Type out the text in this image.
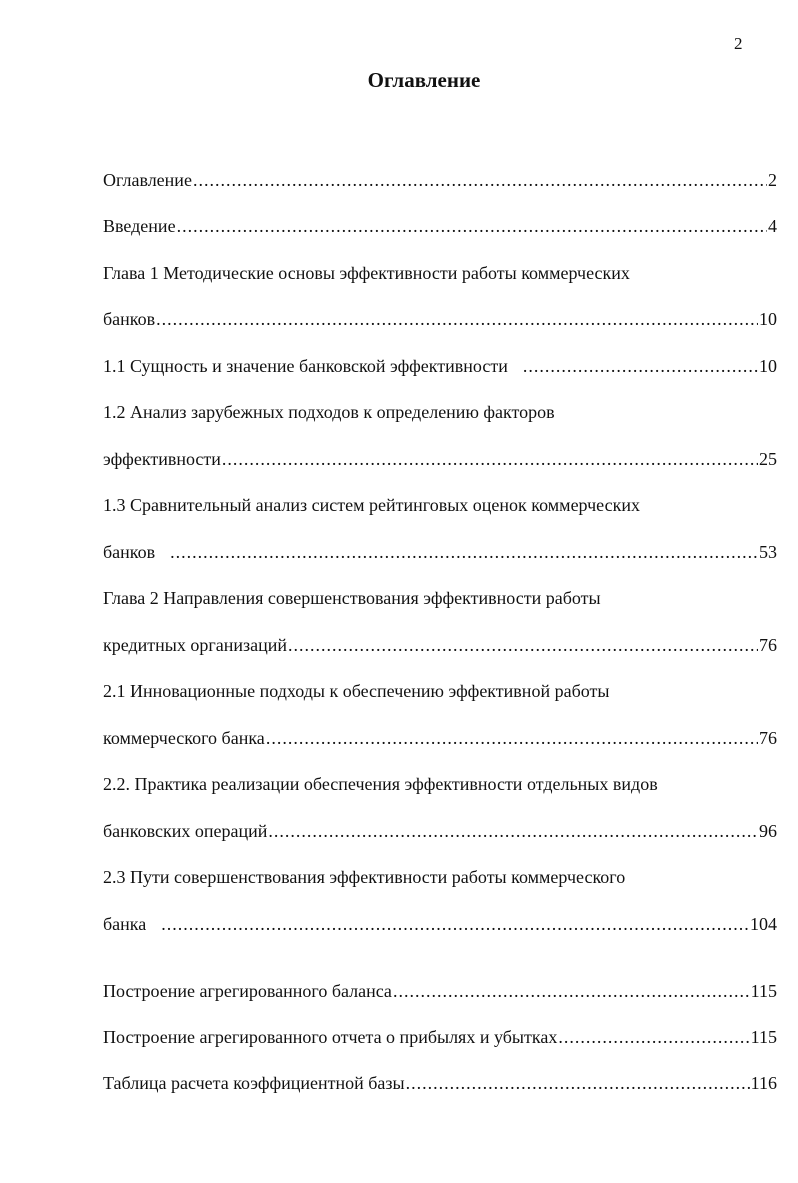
2
Оглавление
Оглавление .....	2
Введение .....	4
Глава 1 Методические основы эффективности работы коммерческих
банков .....	10
1.1 Сущность и значение банковской эффективности .....	10
1.2 Анализ зарубежных подходов к определению факторов
эффективности .....	25
1.3 Сравнительный анализ систем рейтинговых оценок коммерческих
банков .....	53
Глава 2 Направления совершенствования эффективности работы
кредитных организаций .....	76
2.1 Инновационные подходы к обеспечению эффективной работы
коммерческого банка .....	76
2.2. Практика реализации обеспечения эффективности отдельных видов
банковских операций .....	96
2.3 Пути совершенствования эффективности работы коммерческого
банка .....	104
Построение агрегированного баланса .....	115
Построение агрегированного отчета о прибылях и убытках .....	115
Таблица расчета коэффициентной базы .....	116
